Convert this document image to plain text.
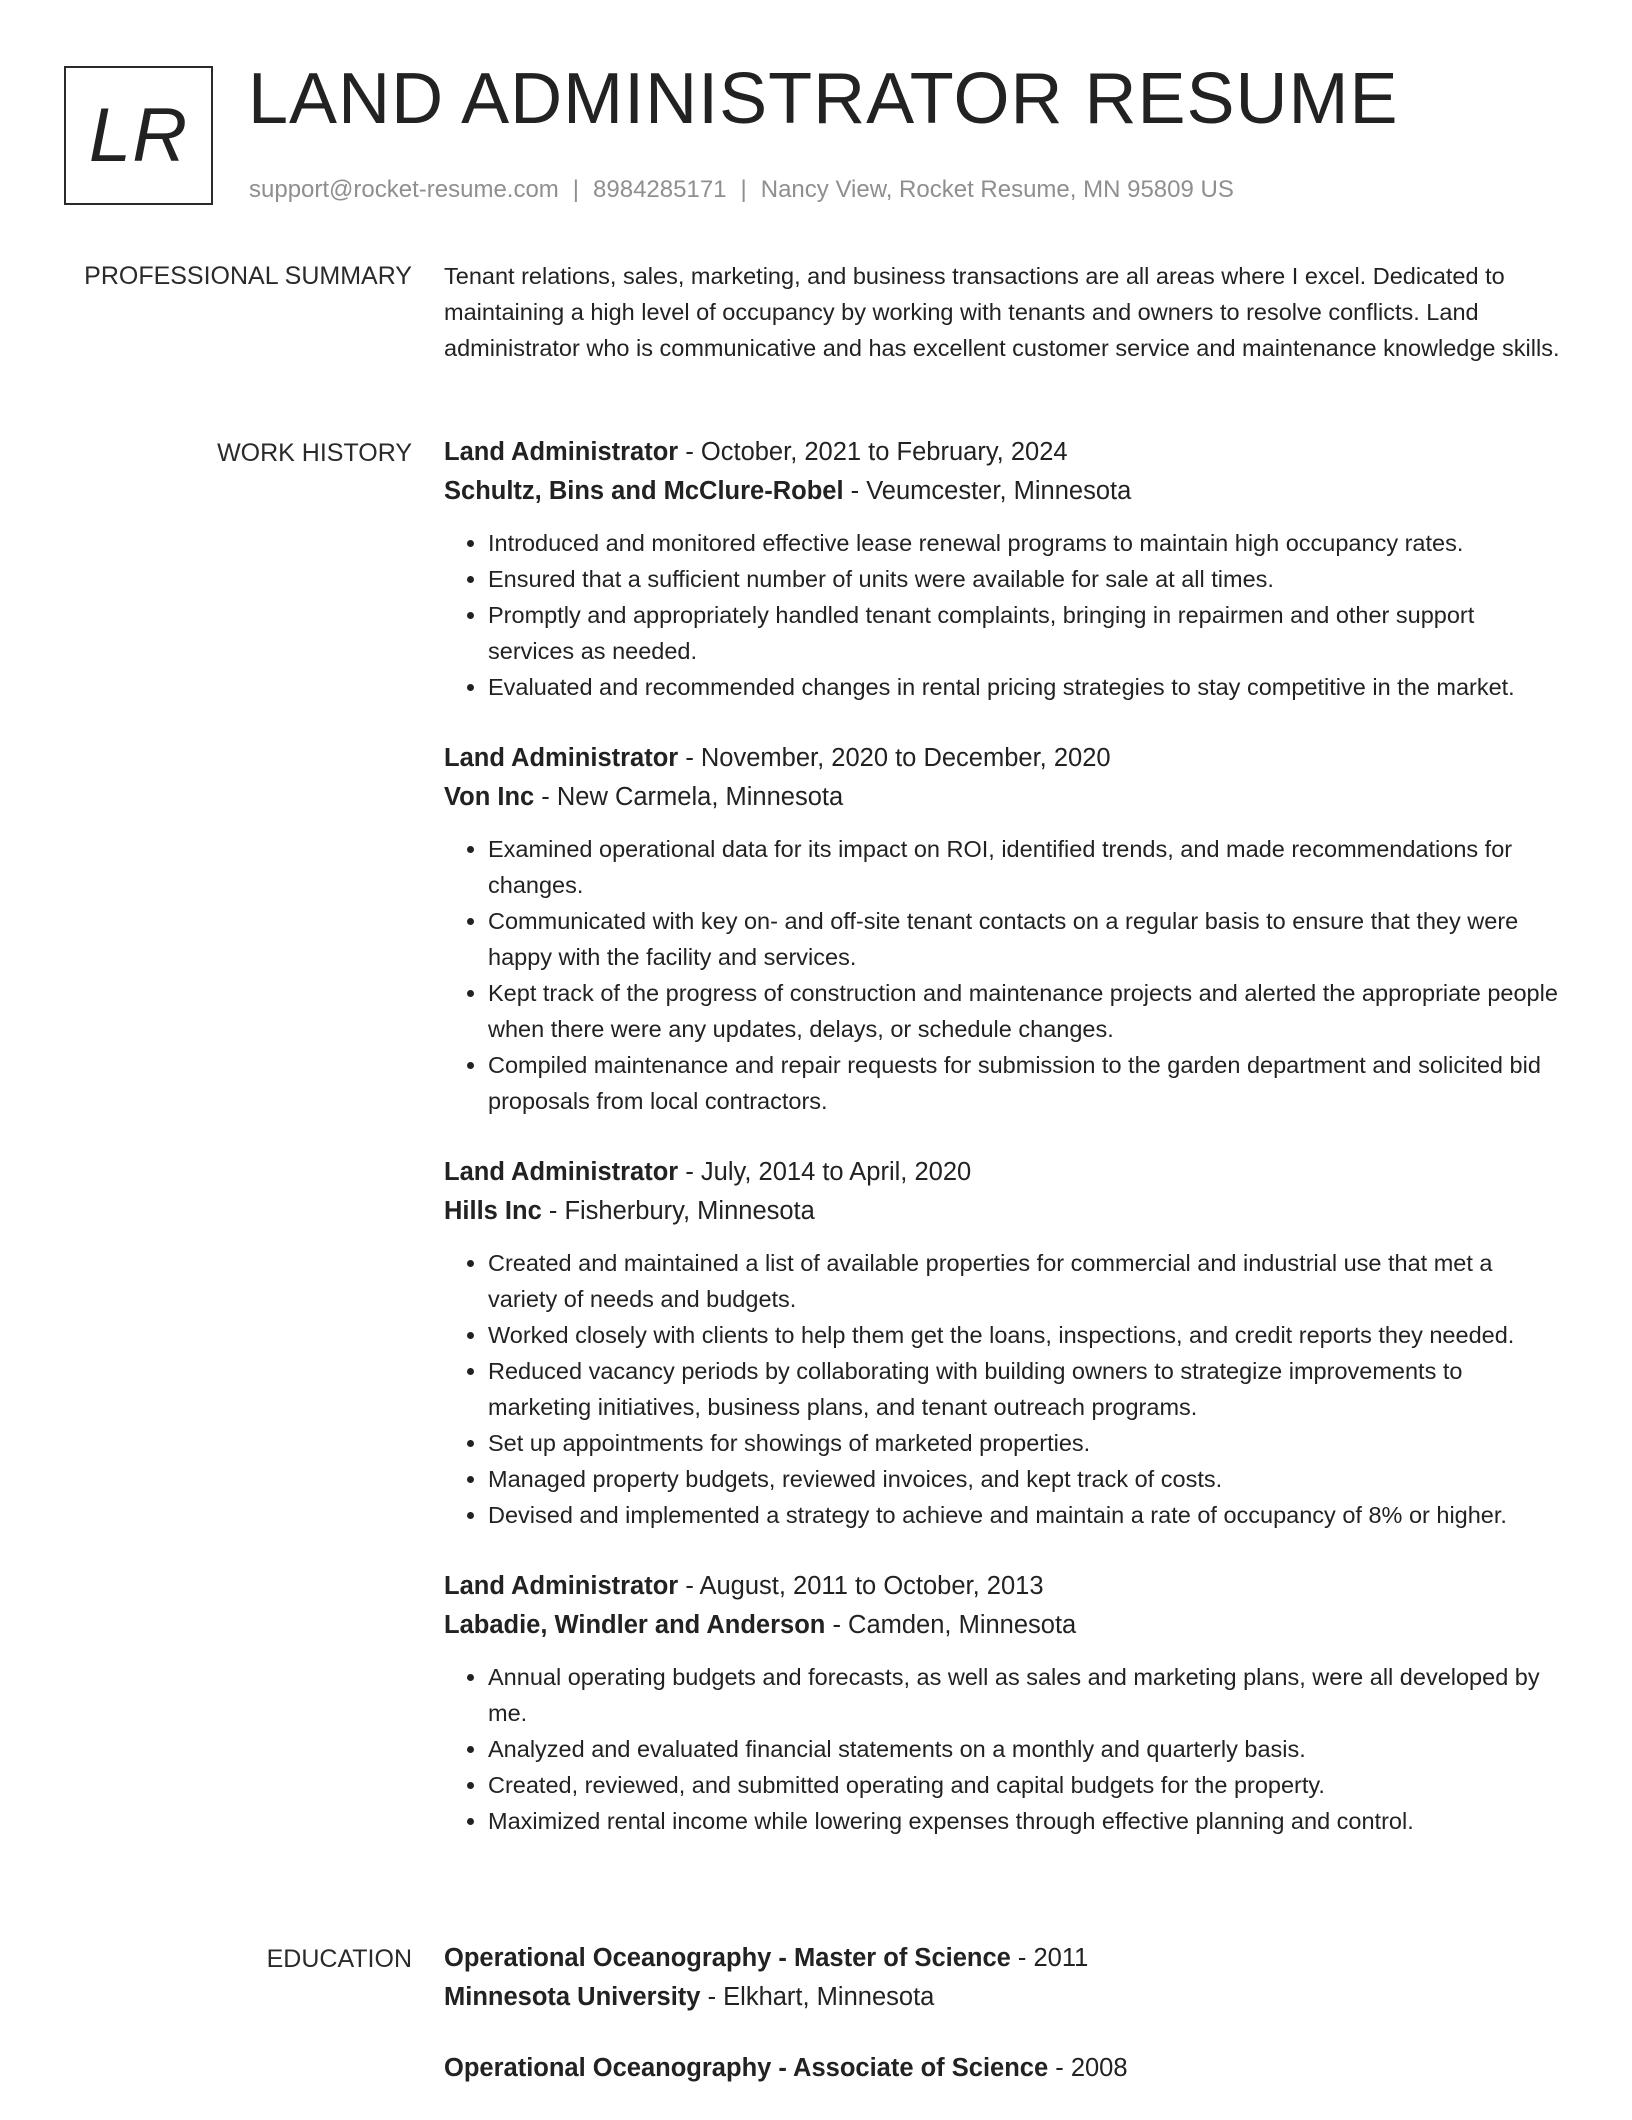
LR LAND ADMINISTRATOR RESUME
support@rocket-resume.com | 8984285171 | Nancy View, Rocket Resume, MN 95809 US
PROFESSIONAL SUMMARY Tenant relations, sales, marketing, and business transactions are all areas where I excel. Dedicated to maintaining a high level of occupancy by working with tenants and owners to resolve conflicts. Land administrator who is communicative and has excellent customer service and maintenance knowledge skills.

WORK HISTORY Land Administrator - October, 2021 to February, 2024
Schultz, Bins and McClure-Robel - Veumcester, Minnesota
• Introduced and monitored effective lease renewal programs to maintain high occupancy rates.
• Ensured that a sufficient number of units were available for sale at all times.
• Promptly and appropriately handled tenant complaints, bringing in repairmen and other support services as needed.
• Evaluated and recommended changes in rental pricing strategies to stay competitive in the market.
Land Administrator - November, 2020 to December, 2020
Von Inc - New Carmela, Minnesota
• Examined operational data for its impact on ROI, identified trends, and made recommendations for changes.
• Communicated with key on- and off-site tenant contacts on a regular basis to ensure that they were happy with the facility and services.
• Kept track of the progress of construction and maintenance projects and alerted the appropriate people when there were any updates, delays, or schedule changes.
• Compiled maintenance and repair requests for submission to the garden department and solicited bid proposals from local contractors.
Land Administrator - July, 2014 to April, 2020
Hills Inc - Fisherbury, Minnesota
• Created and maintained a list of available properties for commercial and industrial use that met a variety of needs and budgets.
• Worked closely with clients to help them get the loans, inspections, and credit reports they needed.
• Reduced vacancy periods by collaborating with building owners to strategize improvements to marketing initiatives, business plans, and tenant outreach programs.
• Set up appointments for showings of marketed properties.
• Managed property budgets, reviewed invoices, and kept track of costs.
• Devised and implemented a strategy to achieve and maintain a rate of occupancy of 8% or higher.
Land Administrator - August, 2011 to October, 2013
Labadie, Windler and Anderson - Camden, Minnesota
• Annual operating budgets and forecasts, as well as sales and marketing plans, were all developed by me.
• Analyzed and evaluated financial statements on a monthly and quarterly basis.
• Created, reviewed, and submitted operating and capital budgets for the property.
• Maximized rental income while lowering expenses through effective planning and control.
EDUCATION Operational Oceanography - Master of Science - 2011
Minnesota University - Elkhart, Minnesota
Operational Oceanography - Associate of Science - 2008
